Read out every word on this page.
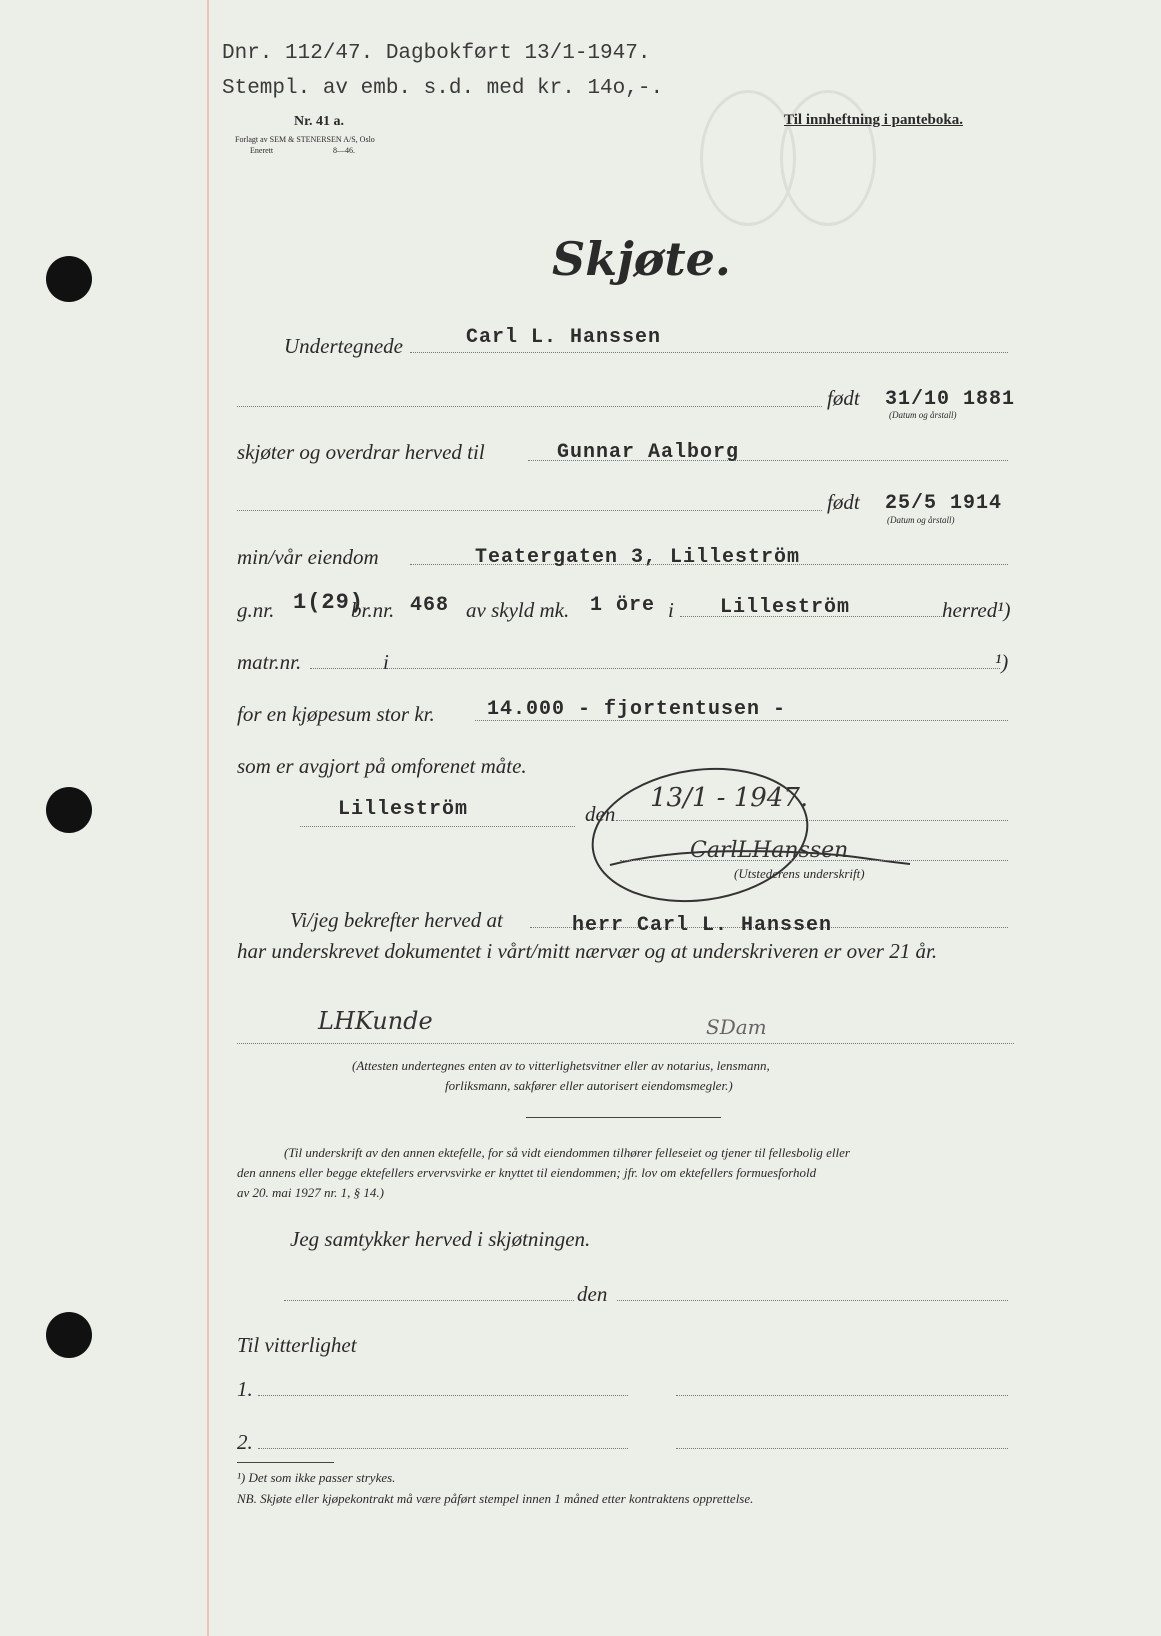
Dnr. 112/47. Dagbokført 13/1-1947.
Stempl. av emb. s.d. med kr. 14o,-.
Nr. 41 a.
Forlagt av SEM & STENERSEN A/S, Oslo
Enerett	8—46.
Til innheftning i panteboka.
Skjøte.
Undertegnede	Carl L. Hanssen
født 31/10 1881
(Datum og årstall)
skjøter og overdrar herved til	Gunnar Aalborg
født 25/5 1914
(Datum og årstall)
min/vår eiendom	Teatergaten 3, Lilleström
g.nr. 1(29)
br.nr. 468 av skyld mk. 1 öre i Lilleström	herred¹)
matr.nr.	i	¹)
for en kjøpesum stor kr.	14.000 - fjortentusen -
som er avgjort på omforenet måte.
Lilleström	den
13/1 - 1947.
CarlLHanssen
(Utstederens underskrift)
Vi/jeg bekrefter herved at	herr Carl L. Hanssen
har underskrevet dokumentet i vårt/mitt nærvær og at underskriveren er over 21 år.
LHKunde	SDam
(Attesten undertegnes enten av to vitterlighetsvitner eller av notarius, lensmann,
forliksmann, sakfører eller autorisert eiendomsmegler.)
(Til underskrift av den annen ektefelle, for så vidt eiendommen tilhører felleseiet og tjener til fellesbolig eller
den annens eller begge ektefellers ervervsvirke er knyttet til eiendommen; jfr. lov om ektefellers formuesforhold
av 20. mai 1927 nr. 1, § 14.)
Jeg samtykker herved i skjøtningen.
den
Til vitterlighet
1.
2.
¹) Det som ikke passer strykes.
NB. Skjøte eller kjøpekontrakt må være påført stempel innen 1 måned etter kontraktens opprettelse.
